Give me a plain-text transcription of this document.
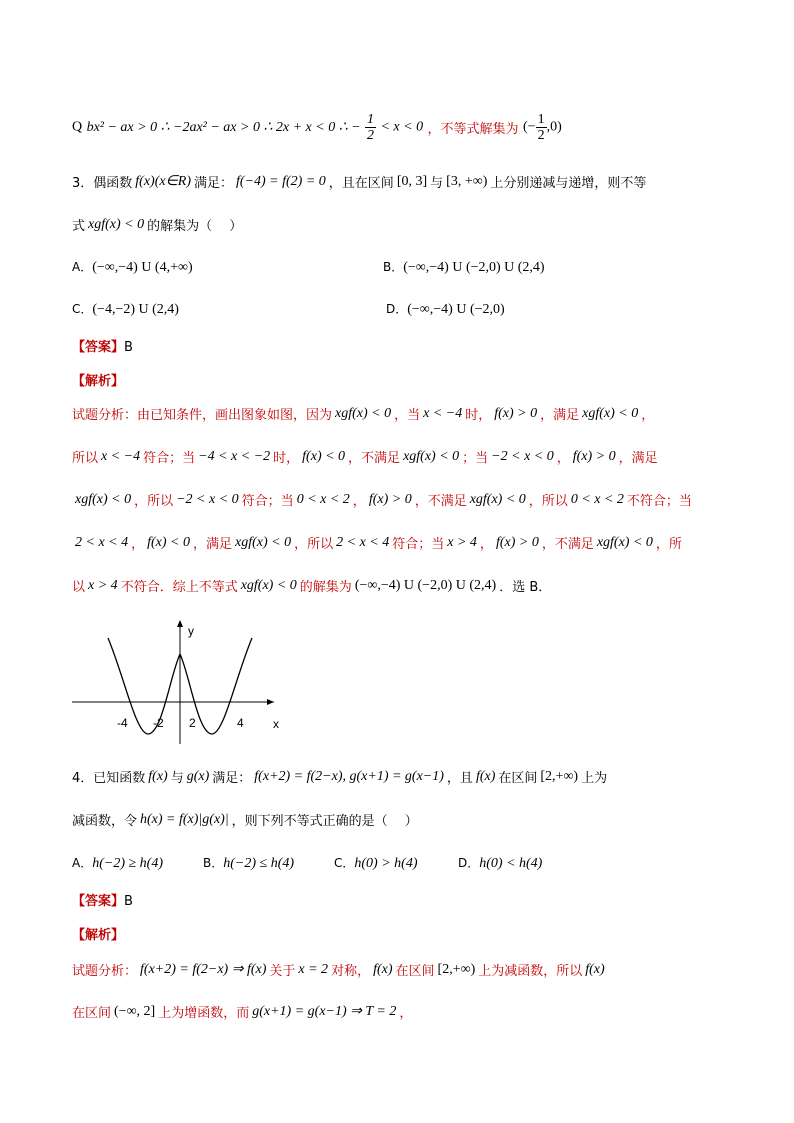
Q bx² − ax > 0 ∴ −2ax² − ax > 0 ∴ 2x + x < 0 ∴ − $\frac{1}{2} < x < 0$ ，不等式解集为 (− $\frac{1}{2} ,0$)
3．偶函数 f(x)(x∈R) 满足： f(−4) = f(2) = 0 ，且在区间 [0, 3] 与 [3, +∞) 上分别递减与递增，则不等
式 xgf(x) < 0 的解集为（　 ）
A．(−∞,−4) U (4,+∞)	B．(−∞,−4) U (−2,0) U (2,4)
C．(−4,−2) U (2,4)	D．(−∞,−4) U (−2,0)
【答案】B
【解析】
试题分析：由已知条件，画出图象如图，因为 xgf(x) < 0 ，当 x < −4 时， f(x) > 0 ，满足 xgf(x) < 0 ，
所以 x < −4 符合；当 −4 < x < −2 时， f(x) < 0 ，不满足 xgf(x) < 0 ；当 −2 < x < 0 ， f(x) > 0 ，满足
xgf(x) < 0 ，所以 −2 < x < 0 符合；当 0 < x < 2 ， f(x) > 0 ，不满足 xgf(x) < 0 ，所以 0 < x < 2 不符合；当
2 < x < 4 ， f(x) < 0 ，满足 xgf(x) < 0 ，所以 2 < x < 4 符合；当 x > 4 ， f(x) > 0 ，不满足 xgf(x) < 0 ，所
以 x > 4 不符合．综上不等式 xgf(x) < 0 的解集为 (−∞,−4) U (−2,0) U (2,4) ．选 B．
y
x
-4 -2 2	4
4．已知函数 f(x) 与 g(x) 满足： f(x+2) = f(2−x), g(x+1) = g(x−1) ，且 f(x) 在区间 [2,+∞) 上为
减函数，令 h(x) = f(x)|g(x)| ，则下列不等式正确的是（　 ）
A．h(−2) ≥ h(4)	B．h(−2) ≤ h(4)	C．h(0) > h(4)	D．h(0) < h(4)
【答案】B
【解析】
试题分析： f(x+2) = f(2−x) ⇒ f(x) 关于 x = 2 对称， f(x) 在区间 [2,+∞) 上为减函数，所以 f(x)
在区间 (−∞, 2] 上为增函数，而 g(x+1) = g(x−1) ⇒ T = 2 ，
